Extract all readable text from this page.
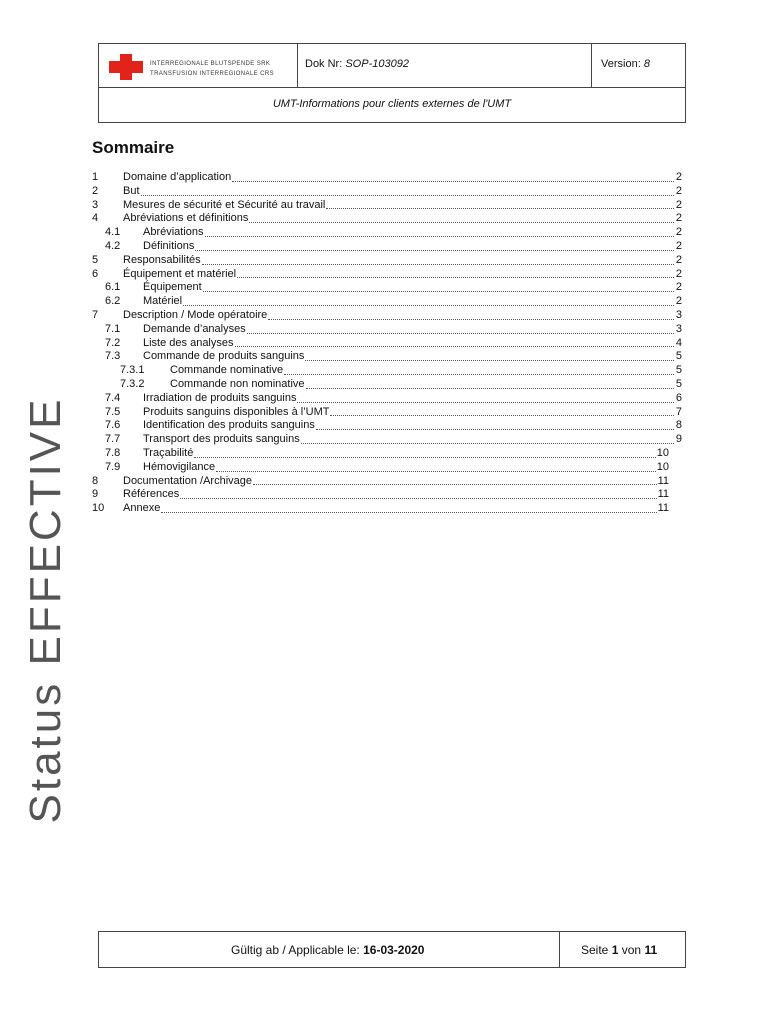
INTERREGIONALE BLUTSPENDE SRK
TRANSFUSION INTERREGIONALE CRS
Dok Nr: SOP-103092	Version: 8
UMT-Informations pour clients externes de l'UMT
Sommaire
1	Domaine d’application	2
2	But	2
3	Mesures de sécurité et Sécurité au travail	2
4	Abréviations et définitions	2
4.1	Abréviations	2
4.2	Définitions	2
5	Responsabilités	2
6	Équipement et matériel	2
6.1	Équipement	2
6.2	Matériel	2
7	Description / Mode opératoire	3
7.1	Demande d’analyses	3
7.2	Liste des analyses	4
7.3	Commande de produits sanguins	5
7.3.1	Commande nominative	5
7.3.2	Commande non nominative	5
7.4	Irradiation de produits sanguins	6
7.5	Produits sanguins disponibles à l’UMT	7
7.6	Identification des produits sanguins	8
7.7	Transport des produits sanguins	9
7.8	Traçabilité	10
7.9	Hémovigilance	10
8	Documentation /Archivage	11
9	Références	11
10	Annexe	11
Status EFFECTIVE
Gültig ab / Applicable le: 16-03-2020	Seite 1 von 11
